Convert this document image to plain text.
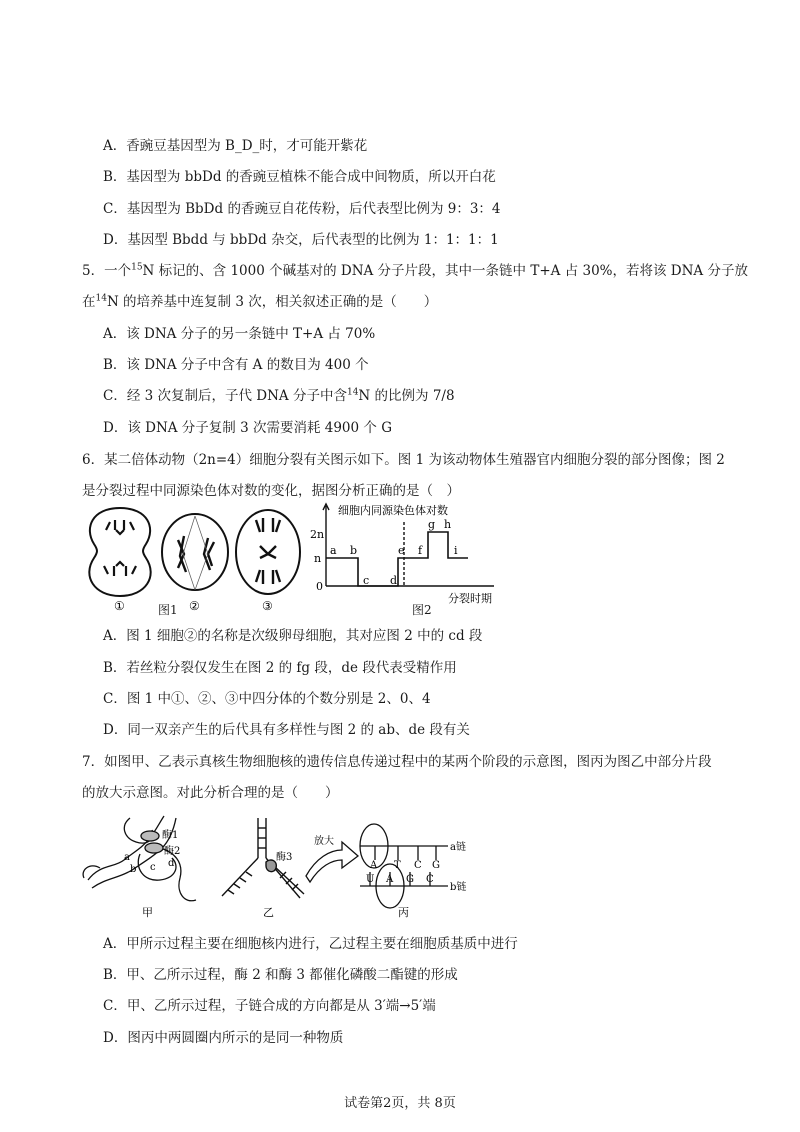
A．香豌豆基因型为 B_D_时，才可能开紫花
B．基因型为 bbDd 的香豌豆植株不能合成中间物质，所以开白花
C．基因型为 BbDd 的香豌豆自花传粉，后代表型比例为 9：3：4
D．基因型 Bbdd 与 bbDd 杂交，后代表型的比例为 1：1：1：1
5．一个$^{15}$N 标记的、含 1000 个碱基对的 DNA 分子片段，其中一条链中 T+A 占 30%，若将该 DNA 分子放
在$^{14}$N 的培养基中连复制 3 次，相关叙述正确的是（　　）
A．该 DNA 分子的另一条链中 T+A 占 70%
B．该 DNA 分子中含有 A 的数目为 400 个
C．经 3 次复制后，子代 DNA 分子中含$^{14}$N 的比例为 7/8
D．该 DNA 分子复制 3 次需要消耗 4900 个 G
6．某二倍体动物（2n=4）细胞分裂有关图示如下。图 1 为该动物体生殖器官内细胞分裂的部分图像；图 2
是分裂过程中同源染色体对数的变化，据图分析正确的是（　）
①	②	③
图1
细胞内同源染色体对数
2n
n
0
a b
c d
e f
g h
i
分裂时期
图2
A．图 1 细胞②的名称是次级卵母细胞，其对应图 2 中的 cd 段
B．若丝粒分裂仅发生在图 2 的 fg 段，de 段代表受精作用
C．图 1 中①、②、③中四分体的个数分别是 2、0、4
D．同一双亲产生的后代具有多样性与图 2 的 ab、de 段有关
7．如图甲、乙表示真核生物细胞核的遗传信息传递过程中的某两个阶段的示意图，图丙为图乙中部分片段
的放大示意图。对此分析合理的是（　　）
酶1
酶2
a
b c d
甲
酶3
乙
放大
A T C G
U A G C
a链
b链
丙
A．甲所示过程主要在细胞核内进行，乙过程主要在细胞质基质中进行
B．甲、乙所示过程，酶 2 和酶 3 都催化磷酸二酯键的形成
C．甲、乙所示过程，子链合成的方向都是从 3′端→5′端
D．图丙中两圆圈内所示的是同一种物质
试卷第2页，共 8页
